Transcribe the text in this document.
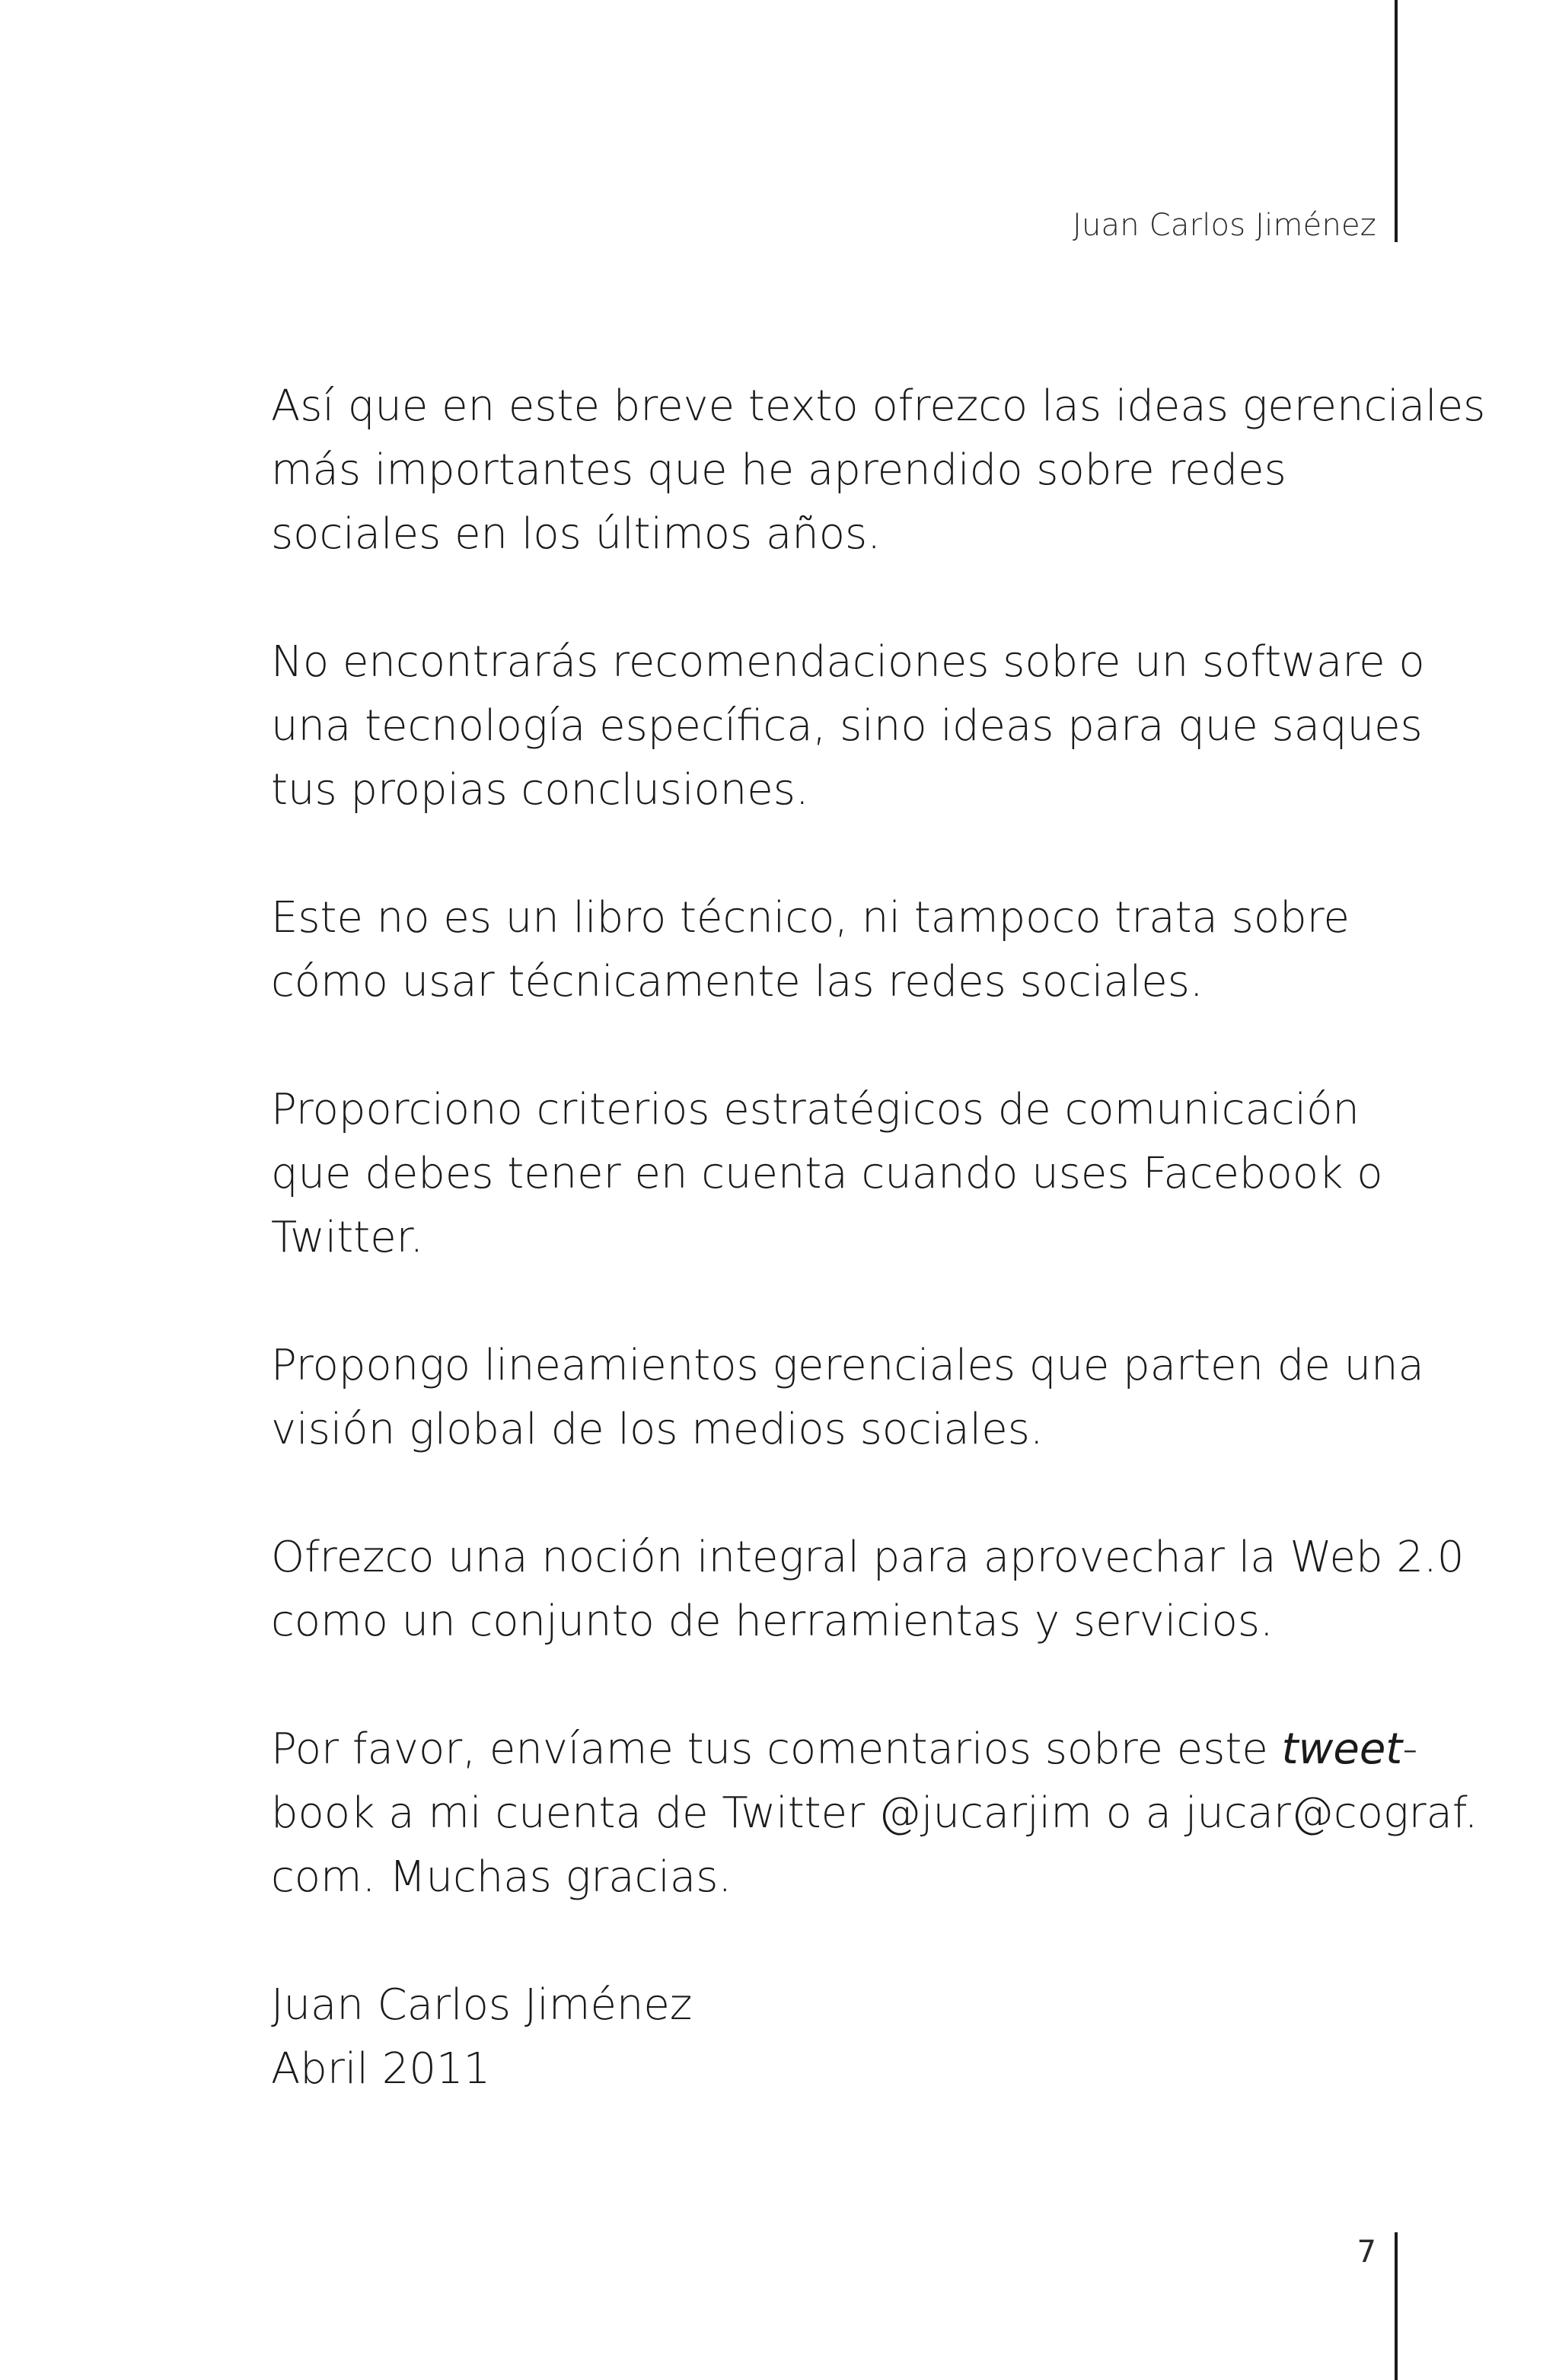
Juan Carlos Jiménez

Así que en este breve texto ofrezco las ideas gerenciales
más importantes que he aprendido sobre redes
sociales en los últimos años.

No encontrarás recomendaciones sobre un software o
una tecnología específica, sino ideas para que saques
tus propias conclusiones.

Este no es un libro técnico, ni tampoco trata sobre
cómo usar técnicamente las redes sociales.

Proporciono criterios estratégicos de comunicación
que debes tener en cuenta cuando uses Facebook o
Twitter.

Propongo lineamientos gerenciales que parten de una
visión global de los medios sociales.

Ofrezco una noción integral para aprovechar la Web 2.0
como un conjunto de herramientas y servicios.

Por favor, envíame tus comentarios sobre este tweet-
book a mi cuenta de Twitter @jucarjim o a jucar@cograf.
com. Muchas gracias.

Juan Carlos Jiménez
Abril 2011

7
